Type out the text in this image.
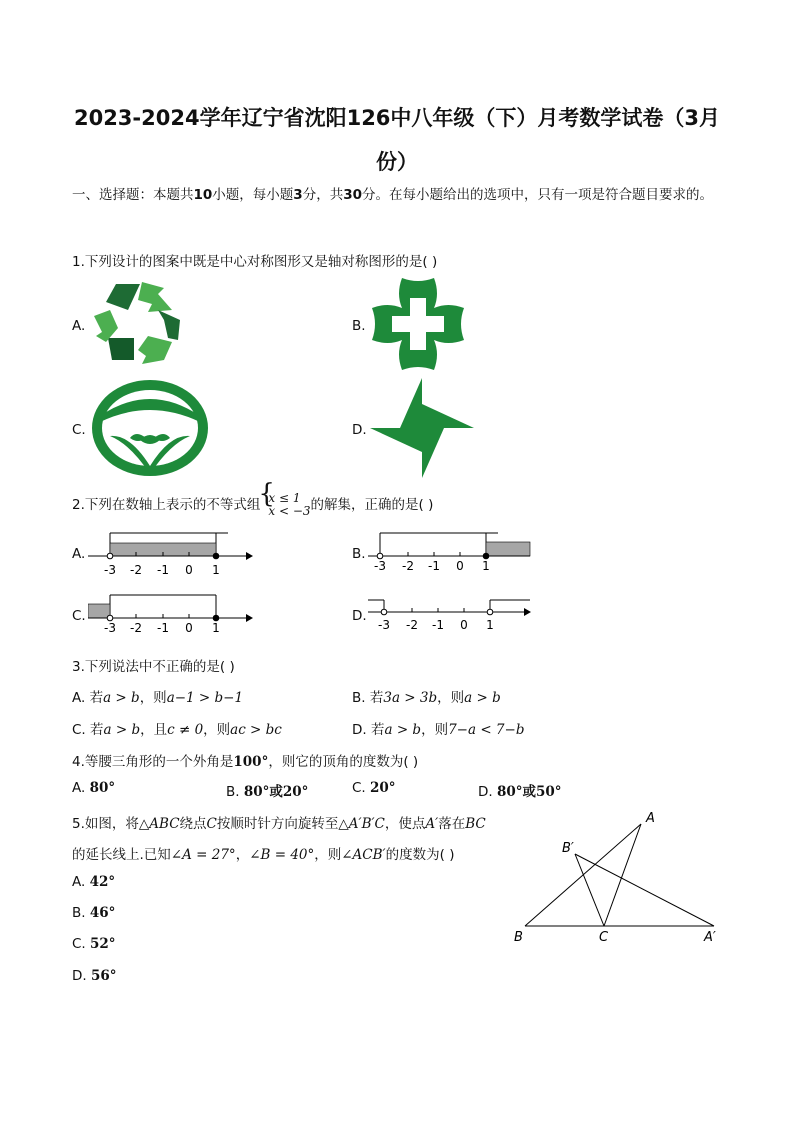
2023-2024学年辽宁省沈阳126中八年级（下）月考数学试卷（3月份）
一、选择题：本题共10小题，每小题3分，共30分。在每小题给出的选项中，只有一项是符合题目要求的。
1.下列设计的图案中既是中心对称图形又是轴对称图形的是( )
A.	B.
C.	D.
2.下列在数轴上表示的不等式组
{ x ≤ 1
x < −3 的解集，正确的是( )
A.
-3 -2 -1 0 1
B.
-3 -2 -1 0 1
C.
-3 -2 -1 0 1
D.
-3 -2 -1 0 1
3.下列说法中不正确的是( )
A. 若a > b，则a−1 > b−1	B. 若3a > 3b，则a > b
C. 若a > b，且c ≠ 0，则ac > bc	D. 若a > b，则7−a < 7−b
4.等腰三角形的一个外角是100°，则它的顶角的度数为( )
A. 80°	B. 80°或20°	C. 20°	D. 80°或50°
5.如图，将△ABC绕点C按顺时针方向旋转至△A′B′C，使点A′落在BC
的延长线上.已知∠A = 27°，∠B = 40°，则∠ACB′的度数为( )
A. 42°
B. 46°
C. 52°
D. 56°
A
B′
B	C	A′
